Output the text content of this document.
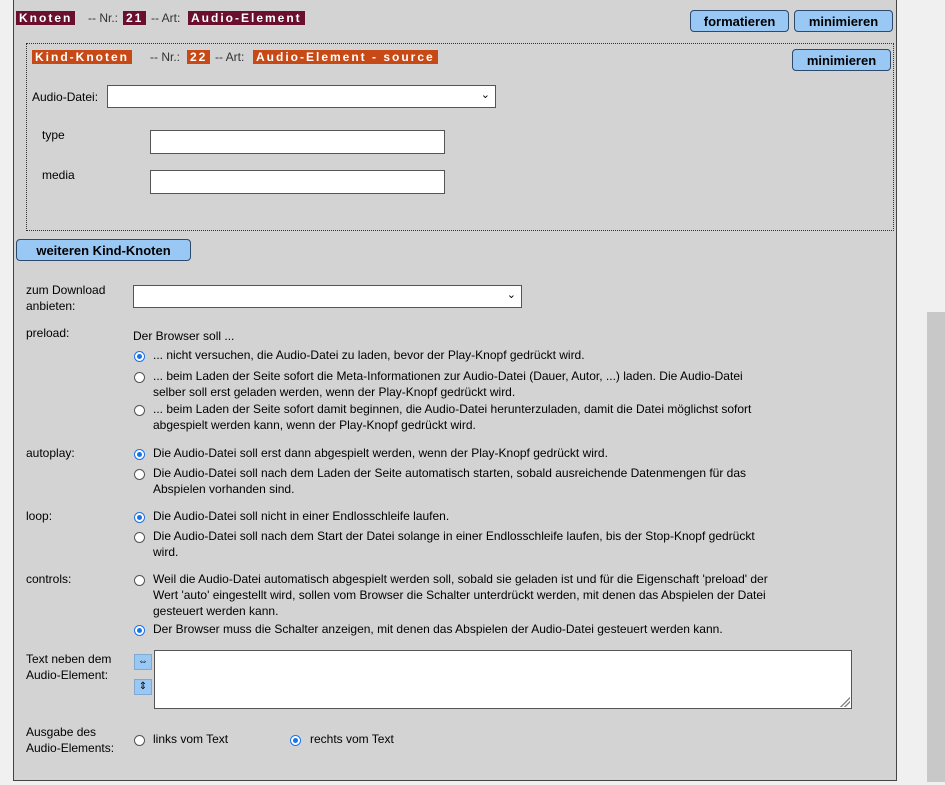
Knoten -- Nr.: 21 -- Art: Audio-Element	formatieren	minimieren
Kind-Knoten -- Nr.: 22 -- Art: Audio-Element - source	minimieren
Audio-Datei:	⌄
type
media
weiteren Kind-Knoten
zum Download
anbieten:
⌄
preload:	Der Browser soll ...
... nicht versuchen, die Audio-Datei zu laden, bevor der Play-Knopf gedrückt wird.
... beim Laden der Seite sofort die Meta-Informationen zur Audio-Datei (Dauer, Autor, ...) laden. Die Audio-Datei
selber soll erst geladen werden, wenn der Play-Knopf gedrückt wird.
... beim Laden der Seite sofort damit beginnen, die Audio-Datei herunterzuladen, damit die Datei möglichst sofort
abgespielt werden kann, wenn der Play-Knopf gedrückt wird.
autoplay:	Die Audio-Datei soll erst dann abgespielt werden, wenn der Play-Knopf gedrückt wird.
Die Audio-Datei soll nach dem Laden der Seite automatisch starten, sobald ausreichende Datenmengen für das
Abspielen vorhanden sind.
loop:	Die Audio-Datei soll nicht in einer Endlosschleife laufen.
Die Audio-Datei soll nach dem Start der Datei solange in einer Endlosschleife laufen, bis der Stop-Knopf gedrückt
wird.
controls:	Weil die Audio-Datei automatisch abgespielt werden soll, sobald sie geladen ist und für die Eigenschaft 'preload' der
Wert 'auto' eingestellt wird, sollen vom Browser die Schalter unterdrückt werden, mit denen das Abspielen der Datei
gesteuert werden kann.
Der Browser muss die Schalter anzeigen, mit denen das Abspielen der Audio-Datei gesteuert werden kann.
Text neben dem
Audio-Element:
⇔
⇕
Ausgabe des
Audio-Elements:
links vom Text	rechts vom Text
